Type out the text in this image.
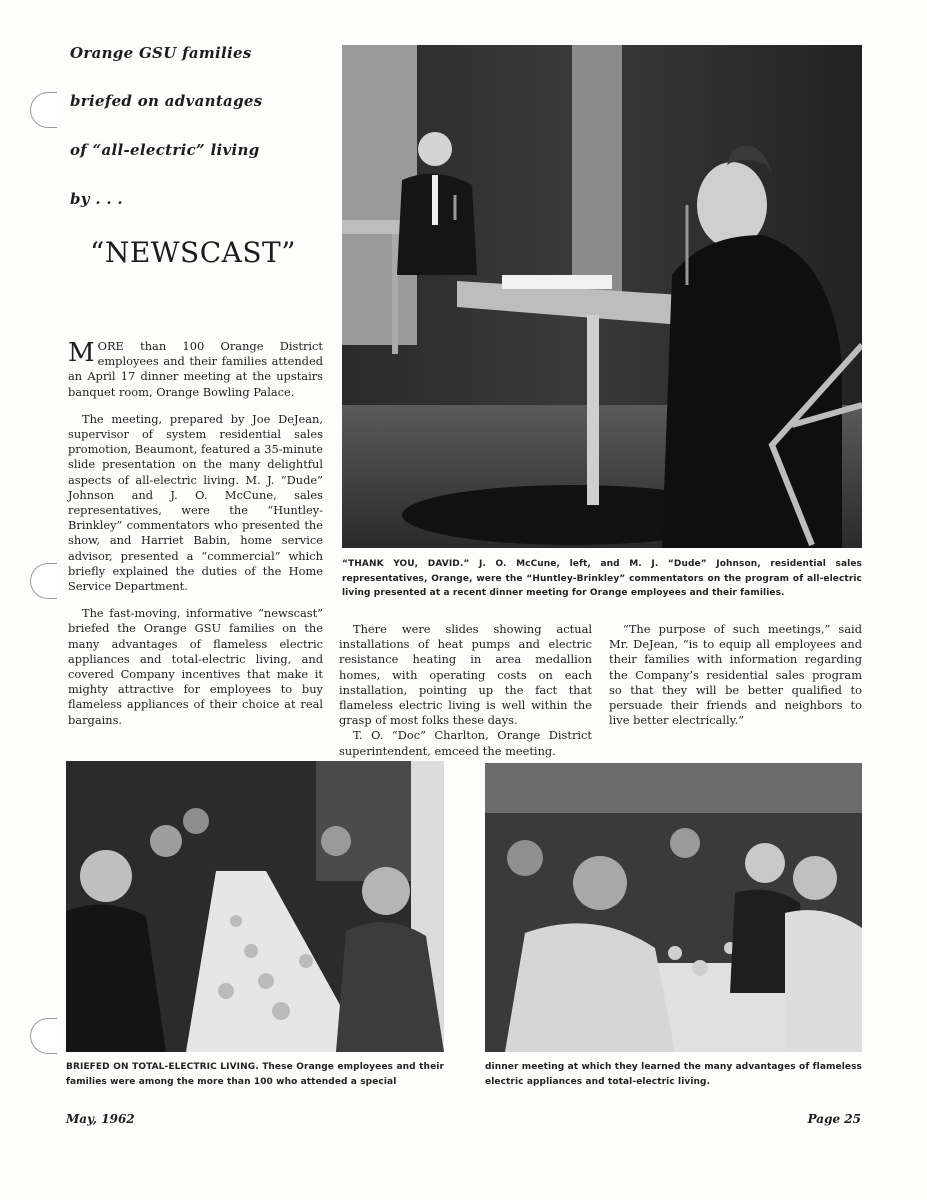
Orange GSU families
briefed on advantages
of “all-electric” living
by . . .
“NEWSCAST”
“THANK YOU, DAVID.” J. O. McCune, left, and M. J. “Dude” Johnson, residential sales representatives, Orange, were the “Huntley-Brinkley” commentators on the program of all-electric living presented at a recent dinner meeting for Orange employees and their families.

MORE than 100 Orange District employees and their families attended an April 17 dinner meeting at the upstairs banquet room, Orange Bowling Palace.

The meeting, prepared by Joe DeJean, supervisor of system residential sales promotion, Beaumont, featured a 35-minute slide presentation on the many delightful aspects of all-electric living. M. J. “Dude” Johnson and J. O. McCune, sales representatives, were the “Huntley-Brinkley” commentators who presented the show, and Harriet Babin, home service advisor, presented a “commercial” which briefly explained the duties of the Home Service Department.

The fast-moving, informative “newscast” briefed the Orange GSU families on the many advantages of flameless electric appliances and total-electric living, and covered Company incentives that make it mighty attractive for employees to buy flameless appliances of their choice at real bargains.

There were slides showing actual installations of heat pumps and electric resistance heating in area medallion homes, with operating costs on each installation, pointing up the fact that flameless electric living is well within the grasp of most folks these days.

T. O. “Doc” Charlton, Orange District superintendent, emceed the meeting.

“The purpose of such meetings,” said Mr. DeJean, “is to equip all employees and their families with information regarding the Company’s residential sales program so that they will be better qualified to persuade their friends and neighbors to live better electrically.”

BRIEFED ON TOTAL-ELECTRIC LIVING. These Orange employees and their families were among the more than 100 who attended a special
dinner meeting at which they learned the many advantages of flameless electric appliances and total-electric living.
May, 1962	Page 25
